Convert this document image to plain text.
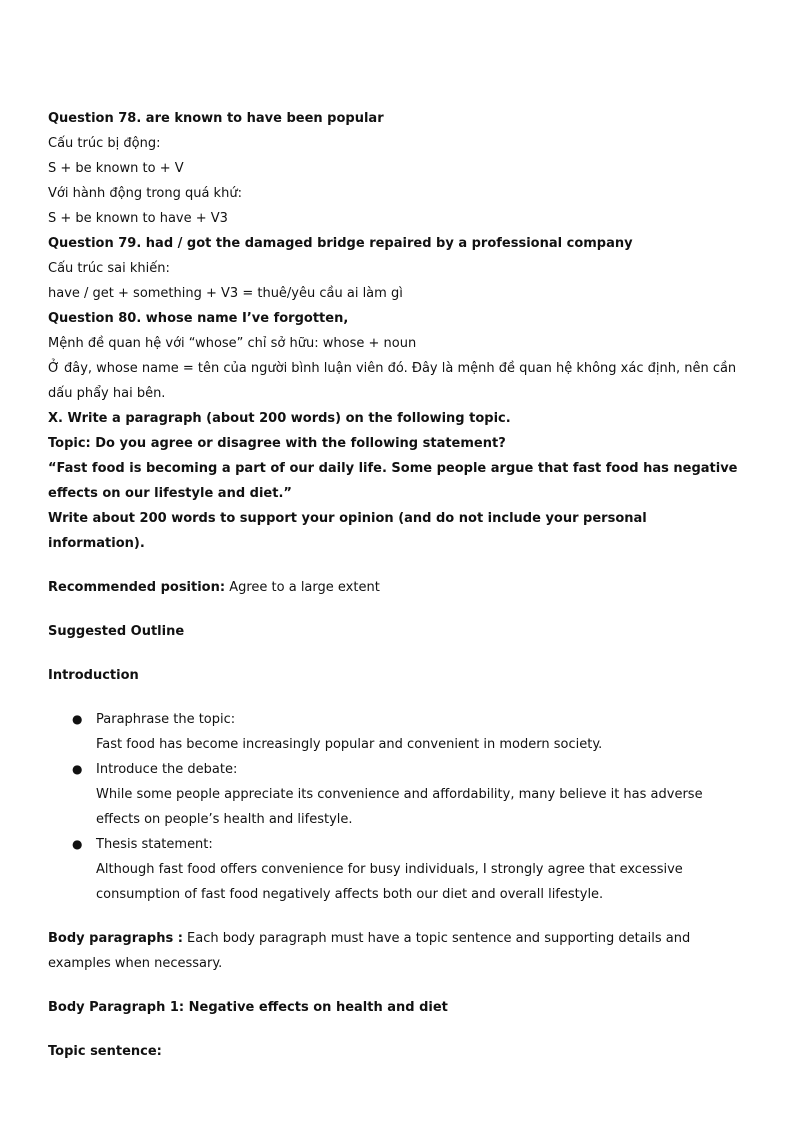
Question 78. are known to have been popular
Cấu trúc bị động:
S + be known to + V
Với hành động trong quá khứ:
S + be known to have + V3
Question 79. had / got the damaged bridge repaired by a professional company
Cấu trúc sai khiến:
have / get + something + V3 = thuê/yêu cầu ai làm gì
Question 80. whose name I’ve forgotten,
Mệnh đề quan hệ với “whose” chỉ sở hữu: whose + noun
Ở đây, whose name = tên của người bình luận viên đó. Đây là mệnh đề quan hệ không xác định, nên cần dấu phẩy hai bên.
X. Write a paragraph (about 200 words) on the following topic.
Topic: Do you agree or disagree with the following statement?
“Fast food is becoming a part of our daily life. Some people argue that fast food has negative effects on our lifestyle and diet.”
Write about 200 words to support your opinion (and do not include your personal information).
Recommended position: Agree to a large extent
Suggested Outline
Introduction
● Paraphrase the topic:
Fast food has become increasingly popular and convenient in modern society.
● Introduce the debate:
While some people appreciate its convenience and affordability, many believe it has adverse effects on people’s health and lifestyle.
● Thesis statement:
Although fast food offers convenience for busy individuals, I strongly agree that excessive consumption of fast food negatively affects both our diet and overall lifestyle.
Body paragraphs : Each body paragraph must have a topic sentence and supporting details and examples when necessary.
Body Paragraph 1: Negative effects on health and diet
Topic sentence:
